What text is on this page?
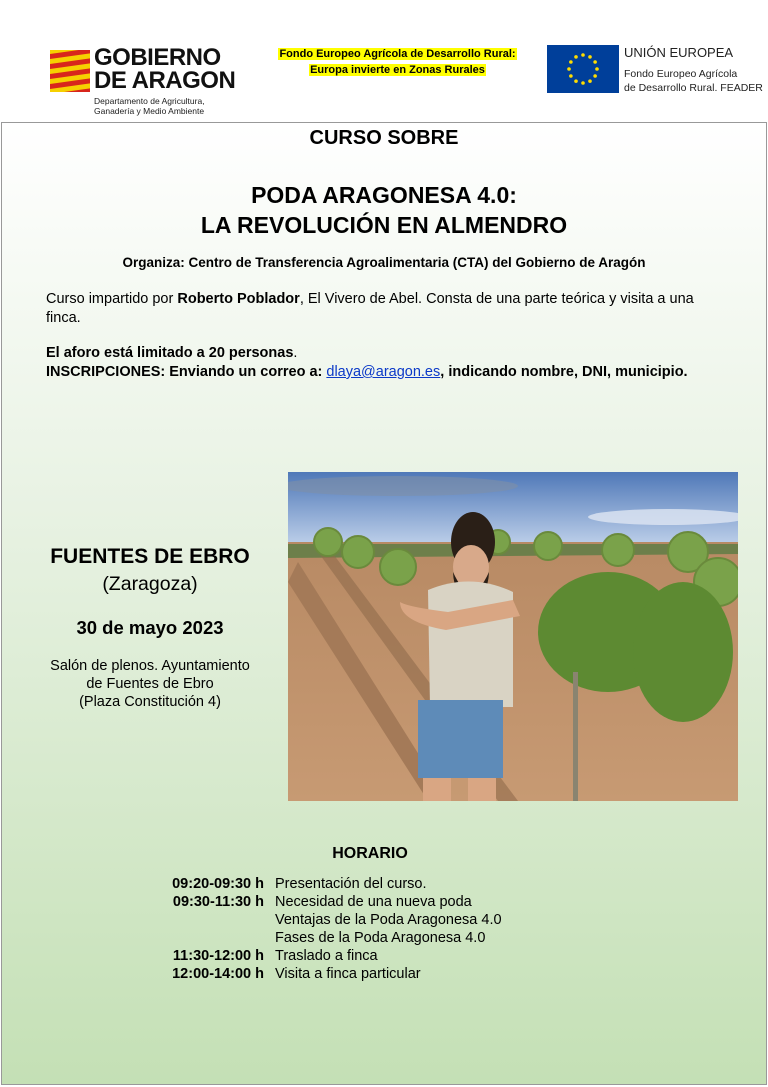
GOBIERNO
DE ARAGON
Departamento de Agricultura,
Ganadería y Medio Ambiente
Fondo Europeo Agrícola de Desarrollo Rural:
Europa invierte en Zonas Rurales
UNIÓN EUROPEA
Fondo Europeo Agrícola
de Desarrollo Rural. FEADER
CURSO SOBRE
PODA ARAGONESA 4.0:
LA REVOLUCIÓN EN ALMENDRO
Organiza: Centro de Transferencia Agroalimentaria (CTA) del Gobierno de Aragón
Curso impartido por Roberto Poblador, El Vivero de Abel. Consta de una parte teórica y visita a una finca.
El aforo está limitado a 20 personas.
INSCRIPCIONES: Enviando un correo a: dlaya@aragon.es, indicando nombre, DNI, municipio.
FUENTES DE EBRO
(Zaragoza)
30 de mayo 2023
Salón de plenos. Ayuntamiento
de Fuentes de Ebro
(Plaza Constitución 4)
HORARIO
09:20-09:30 h Presentación del curso.
09:30-11:30 h Necesidad de una nueva poda
Ventajas de la Poda Aragonesa 4.0
Fases de la Poda Aragonesa 4.0
11:30-12:00 h Traslado a finca
12:00-14:00 h Visita a finca particular
